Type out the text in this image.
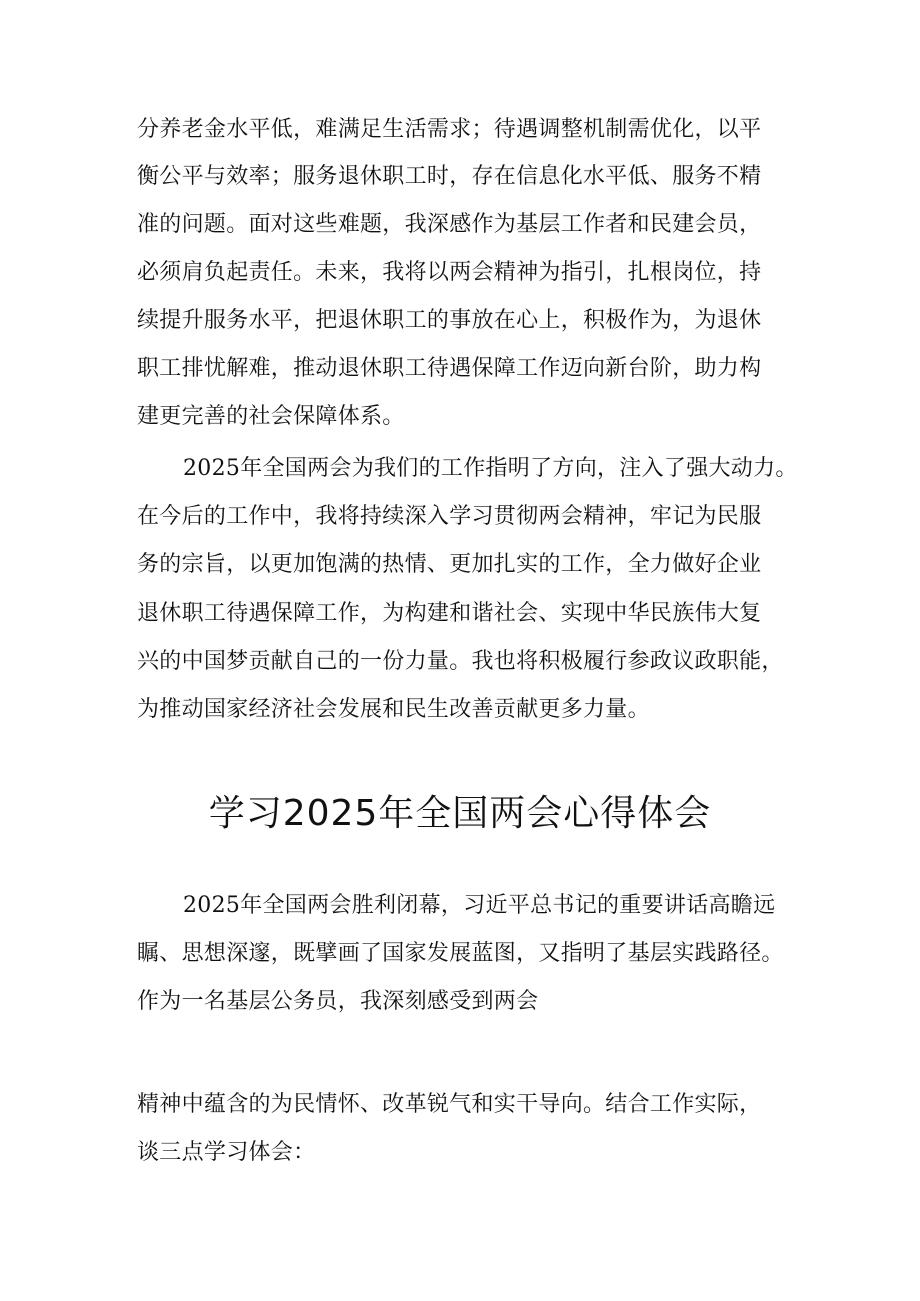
分养老金水平低，难满足生活需求；待遇调整机制需优化，以平
衡公平与效率；服务退休职工时，存在信息化水平低、服务不精
准的问题。面对这些难题，我深感作为基层工作者和民建会员，
必须肩负起责任。未来，我将以两会精神为指引，扎根岗位，持
续提升服务水平，把退休职工的事放在心上，积极作为，为退休
职工排忧解难，推动退休职工待遇保障工作迈向新台阶，助力构
建更完善的社会保障体系。
2025年全国两会为我们的工作指明了方向，注入了强大动力。
在今后的工作中，我将持续深入学习贯彻两会精神，牢记为民服
务的宗旨，以更加饱满的热情、更加扎实的工作，全力做好企业
退休职工待遇保障工作，为构建和谐社会、实现中华民族伟大复
兴的中国梦贡献自己的一份力量。我也将积极履行参政议政职能，
为推动国家经济社会发展和民生改善贡献更多力量。
学习2025年全国两会心得体会
2025年全国两会胜利闭幕，习近平总书记的重要讲话高瞻远
瞩、思想深邃，既擘画了国家发展蓝图，又指明了基层实践路径。
作为一名基层公务员，我深刻感受到两会
精神中蕴含的为民情怀、改革锐气和实干导向。结合工作实际，
谈三点学习体会：
